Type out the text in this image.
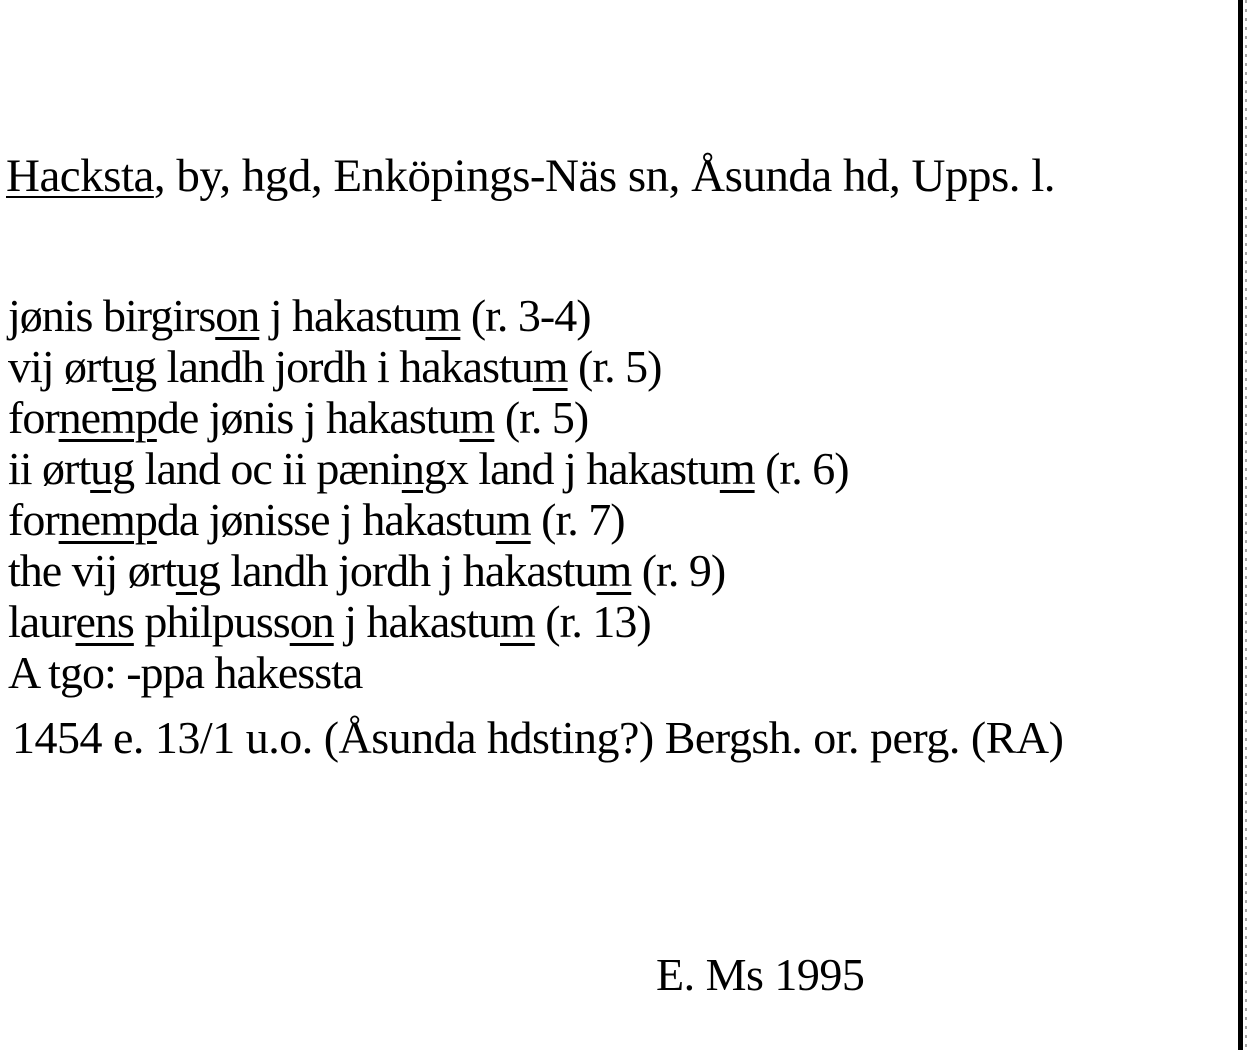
Hacksta, by, hgd, Enköpings-Näs sn, Åsunda hd, Upps. l.
jønis birgirson j hakastum (r. 3-4)
vij ørtug landh jordh i hakastum (r. 5)
fornempde jønis j hakastum (r. 5)
ii ørtug land oc ii pæningx land j hakastum (r. 6)
fornempda jønisse j hakastum (r. 7)
the vij ørtug landh jordh j hakastum (r. 9)
laurens philpusson j hakastum (r. 13)
A tgo: -ppa hakessta
1454 e. 13/1 u.o. (Åsunda hdsting?) Bergsh. or. perg. (RA)
E. Ms 1995
